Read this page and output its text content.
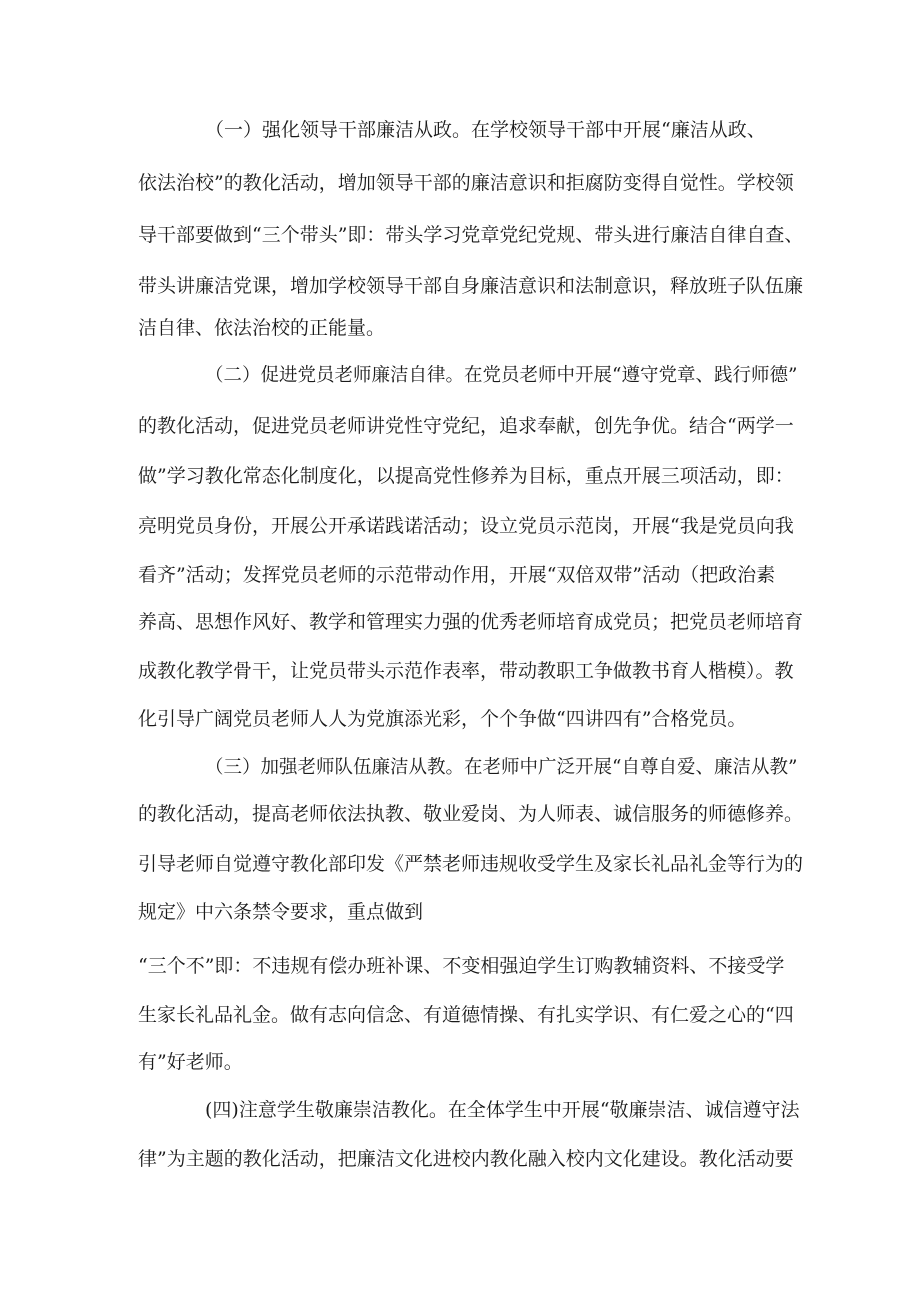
（一）强化领导干部廉洁从政。在学校领导干部中开展“廉洁从政、
依法治校”的教化活动，增加领导干部的廉洁意识和拒腐防变得自觉性。学校领
导干部要做到“三个带头”即：带头学习党章党纪党规、带头进行廉洁自律自查、
带头讲廉洁党课，增加学校领导干部自身廉洁意识和法制意识，释放班子队伍廉
洁自律、依法治校的正能量。
（二）促进党员老师廉洁自律。在党员老师中开展“遵守党章、践行师德”
的教化活动，促进党员老师讲党性守党纪，追求奉献，创先争优。结合“两学一
做”学习教化常态化制度化，以提高党性修养为目标，重点开展三项活动，即：
亮明党员身份，开展公开承诺践诺活动；设立党员示范岗，开展“我是党员向我
看齐”活动；发挥党员老师的示范带动作用，开展“双倍双带”活动（把政治素
养高、思想作风好、教学和管理实力强的优秀老师培育成党员；把党员老师培育
成教化教学骨干，让党员带头示范作表率，带动教职工争做教书育人楷模）。教
化引导广阔党员老师人人为党旗添光彩，个个争做“四讲四有”合格党员。
（三）加强老师队伍廉洁从教。在老师中广泛开展“自尊自爱、廉洁从教”
的教化活动，提高老师依法执教、敬业爱岗、为人师表、诚信服务的师德修养。
引导老师自觉遵守教化部印发《严禁老师违规收受学生及家长礼品礼金等行为的
规定》中六条禁令要求，重点做到
“三个不”即：不违规有偿办班补课、不变相强迫学生订购教辅资料、不接受学
生家长礼品礼金。做有志向信念、有道德情操、有扎实学识、有仁爱之心的“四
有”好老师。
(四)注意学生敬廉崇洁教化。在全体学生中开展“敬廉崇洁、诚信遵守法
律”为主题的教化活动，把廉洁文化进校内教化融入校内文化建设。教化活动要
